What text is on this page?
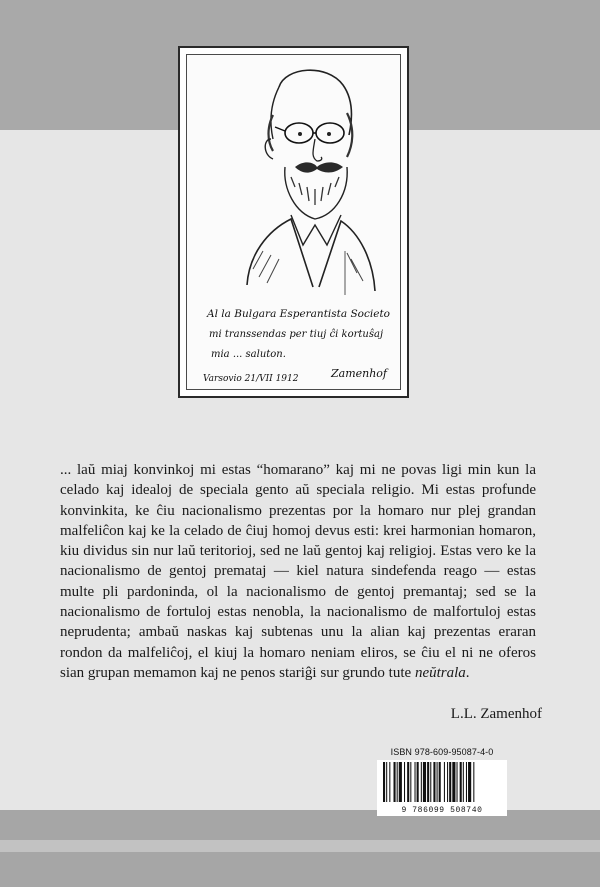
Al la Bulgara Esperantista Societo
mi transsendas per tiuj ĉi kortuŝaj
mia ... saluton.
Varsovio 21/VII 1912	Zamenhof

... laŭ miaj konvinkoj mi estas “homarano” kaj mi ne povas ligi min kun la celado kaj idealoj de speciala gento aŭ speciala religio. Mi estas profunde konvinkita, ke ĉiu nacionalismo prezentas por la homaro nur plej grandan malfeliĉon kaj ke la celado de ĉiuj homoj devus esti: krei harmonian homaron, kiu dividus sin nur laŭ teritorioj, sed ne laŭ gentoj kaj religioj. Estas vero ke la nacionalismo de gentoj premataj — kiel natura sindefenda reago — estas multe pli pardoninda, ol la nacionalismo de gentoj premantaj; sed se la nacionalismo de fortuloj estas nenobla, la nacionalismo de malfortuloj estas neprudenta; ambaŭ naskas kaj subtenas unu la alian kaj prezentas eraran rondon da malfeliĉoj, el kiuj la homaro neniam eliros, se ĉiu el ni ne oferos sian grupan memamon kaj ne penos stariĝi sur grundo tute neŭtrala.

L.L. Zamenhof
ISBN 978-609-95087-4-0
9 786099 508740
